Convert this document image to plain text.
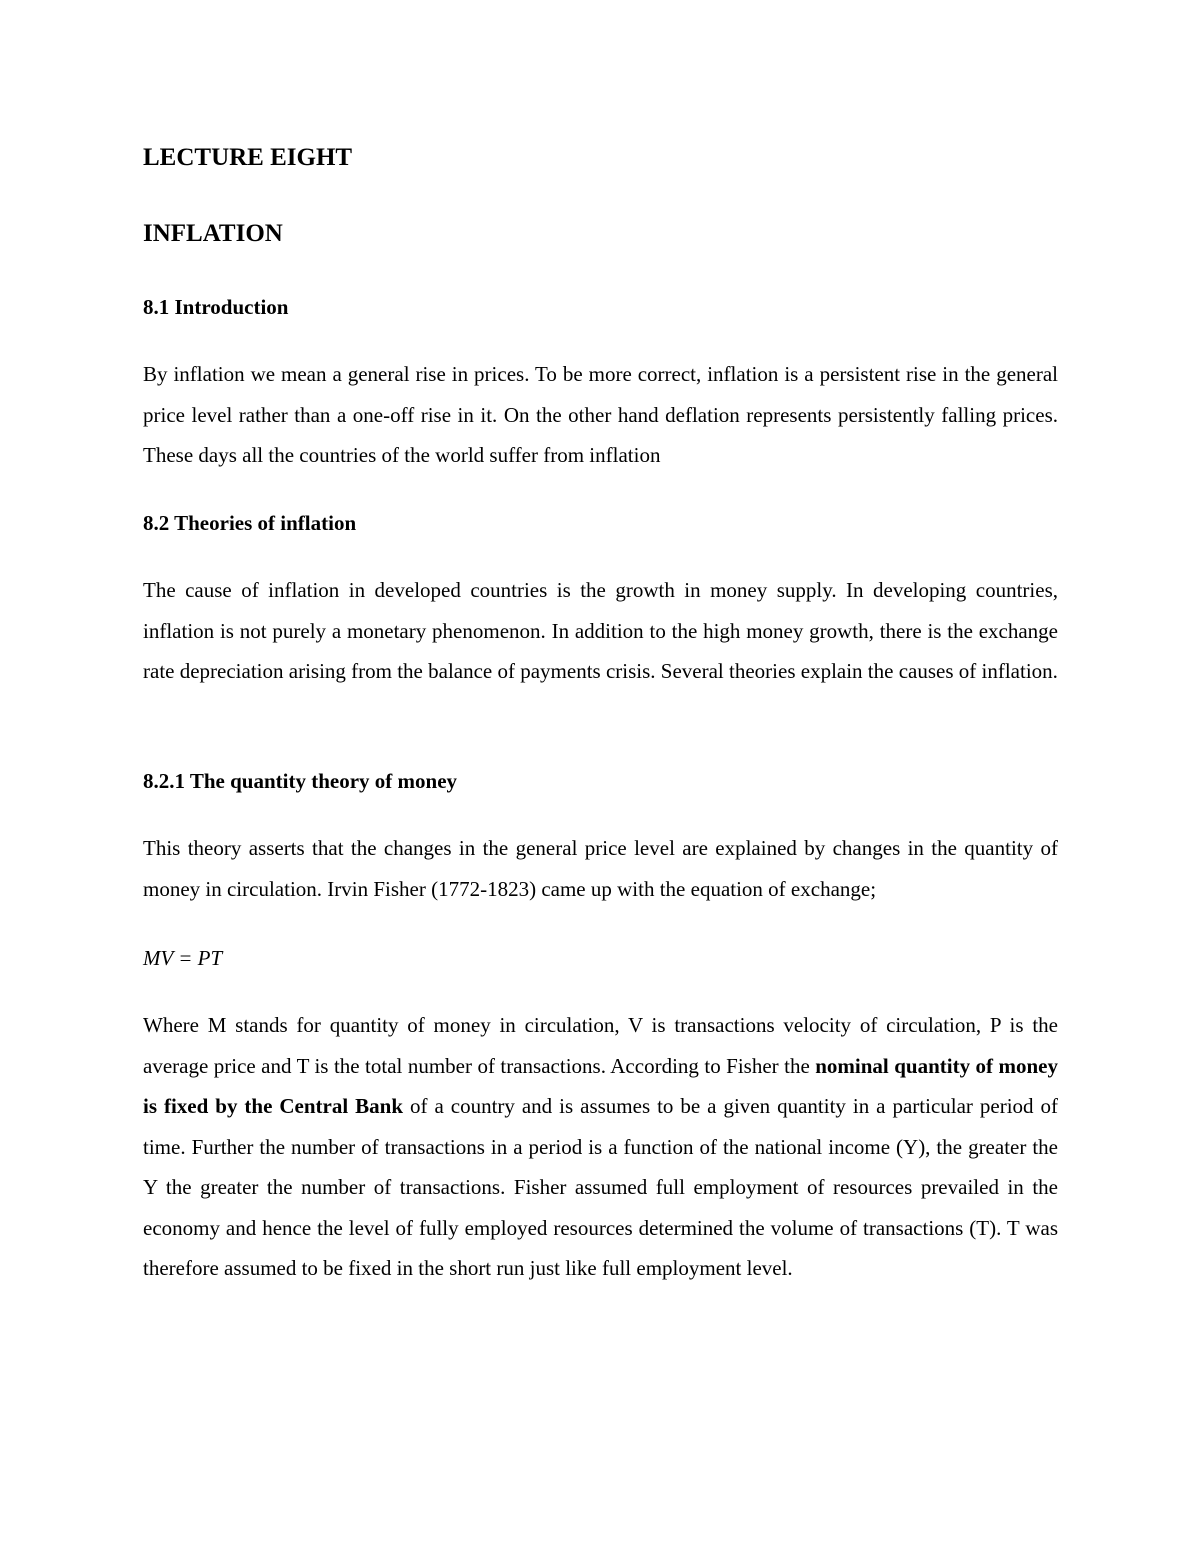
LECTURE EIGHT
INFLATION
8.1 Introduction

By inflation we mean a general rise in prices. To be more correct, inflation is a persistent rise in the general price level rather than a one-off rise in it. On the other hand deflation represents persistently falling prices. These days all the countries of the world suffer from inflation

8.2 Theories of inflation

The cause of inflation in developed countries is the growth in money supply. In developing countries, inflation is not purely a monetary phenomenon. In addition to the high money growth, there is the exchange rate depreciation arising from the balance of payments crisis. Several theories explain the causes of inflation.

8.2.1 The quantity theory of money

This theory asserts that the changes in the general price level are explained by changes in the quantity of money in circulation. Irvin Fisher (1772-1823) came up with the equation of exchange;

MV = PT

Where M stands for quantity of money in circulation, V is transactions velocity of circulation, P is the average price and T is the total number of transactions. According to Fisher the nominal quantity of money is fixed by the Central Bank of a country and is assumes to be a given quantity in a particular period of time. Further the number of transactions in a period is a function of the national income (Y), the greater the Y the greater the number of transactions. Fisher assumed full employment of resources prevailed in the economy and hence the level of fully employed resources determined the volume of transactions (T). T was therefore assumed to be fixed in the short run just like full employment level.
